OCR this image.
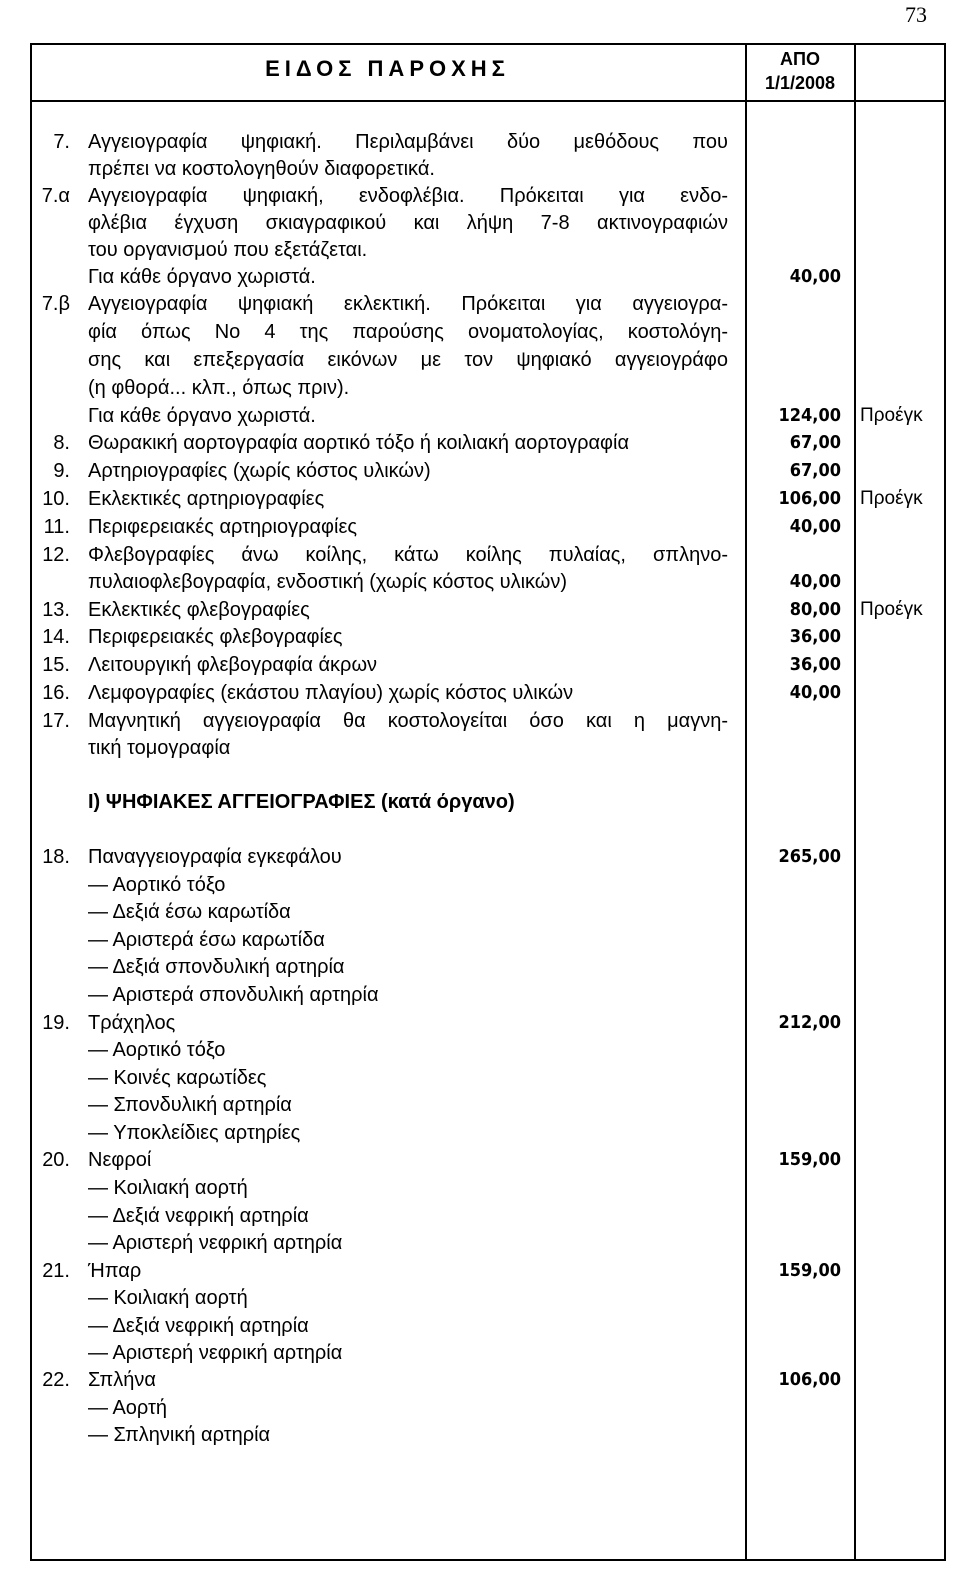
73
ΕΙΔΟΣ ΠΑΡΟΧΗΣ	ΑΠΟ
1/1/2008
7. Αγγειογραφία ψηφιακή. Περιλαμβάνει δύο μεθόδους που
πρέπει να κοστολογηθούν διαφορετικά.
7.α Αγγειογραφία ψηφιακή, ενδοφλέβια. Πρόκειται για ενδο-
φλέβια έγχυση σκιαγραφικού και λήψη 7-8 ακτινογραφιών
του οργανισμού που εξετάζεται.
Για κάθε όργανο χωριστά.	40,00
7.β Αγγειογραφία ψηφιακή εκλεκτική. Πρόκειται για αγγειογρα-
φία όπως Νο 4 της παρούσης ονοματολογίας, κοστολόγη-
σης και επεξεργασία εικόνων με τον ψηφιακό αγγειογράφο
(η φθορά... κλπ., όπως πριν).
Για κάθε όργανο χωριστά.	124,00 Προέγκ
8. Θωρακική αορτογραφία αορτικό τόξο ή κοιλιακή αορτογραφία	67,00
9. Αρτηριογραφίες (χωρίς κόστος υλικών)	67,00
10. Εκλεκτικές αρτηριογραφίες	106,00 Προέγκ
11. Περιφερειακές αρτηριογραφίες	40,00
12. Φλεβογραφίες άνω κοίλης, κάτω κοίλης πυλαίας, σπληνο-
πυλαιοφλεβογραφία, ενδοστική (χωρίς κόστος υλικών)	40,00
13. Εκλεκτικές φλεβογραφίες	80,00 Προέγκ
14. Περιφερειακές φλεβογραφίες	36,00
15. Λειτουργική φλεβογραφία άκρων	36,00
16. Λεμφογραφίες (εκάστου πλαγίου) χωρίς κόστος υλικών	40,00
17. Μαγνητική αγγειογραφία θα κοστολογείται όσο και η μαγνη-
τική τομογραφία
Ι) ΨΗΦΙΑΚΕΣ ΑΓΓΕΙΟΓΡΑΦΙΕΣ (κατά όργανο)
18. Παναγγειογραφία εγκεφάλου	265,00
— Αορτικό τόξο
— Δεξιά έσω καρωτίδα
— Αριστερά έσω καρωτίδα
— Δεξιά σπονδυλική αρτηρία
— Αριστερά σπονδυλική αρτηρία
19. Τράχηλος	212,00
— Αορτικό τόξο
— Κοινές καρωτίδες
— Σπονδυλική αρτηρία
— Υποκλείδιες αρτηρίες
20. Νεφροί	159,00
— Κοιλιακή αορτή
— Δεξιά νεφρική αρτηρία
— Αριστερή νεφρική αρτηρία
21. Ήπαρ	159,00
— Κοιλιακή αορτή
— Δεξιά νεφρική αρτηρία
— Αριστερή νεφρική αρτηρία
22. Σπλήνα	106,00
— Αορτή
— Σπληνική αρτηρία
